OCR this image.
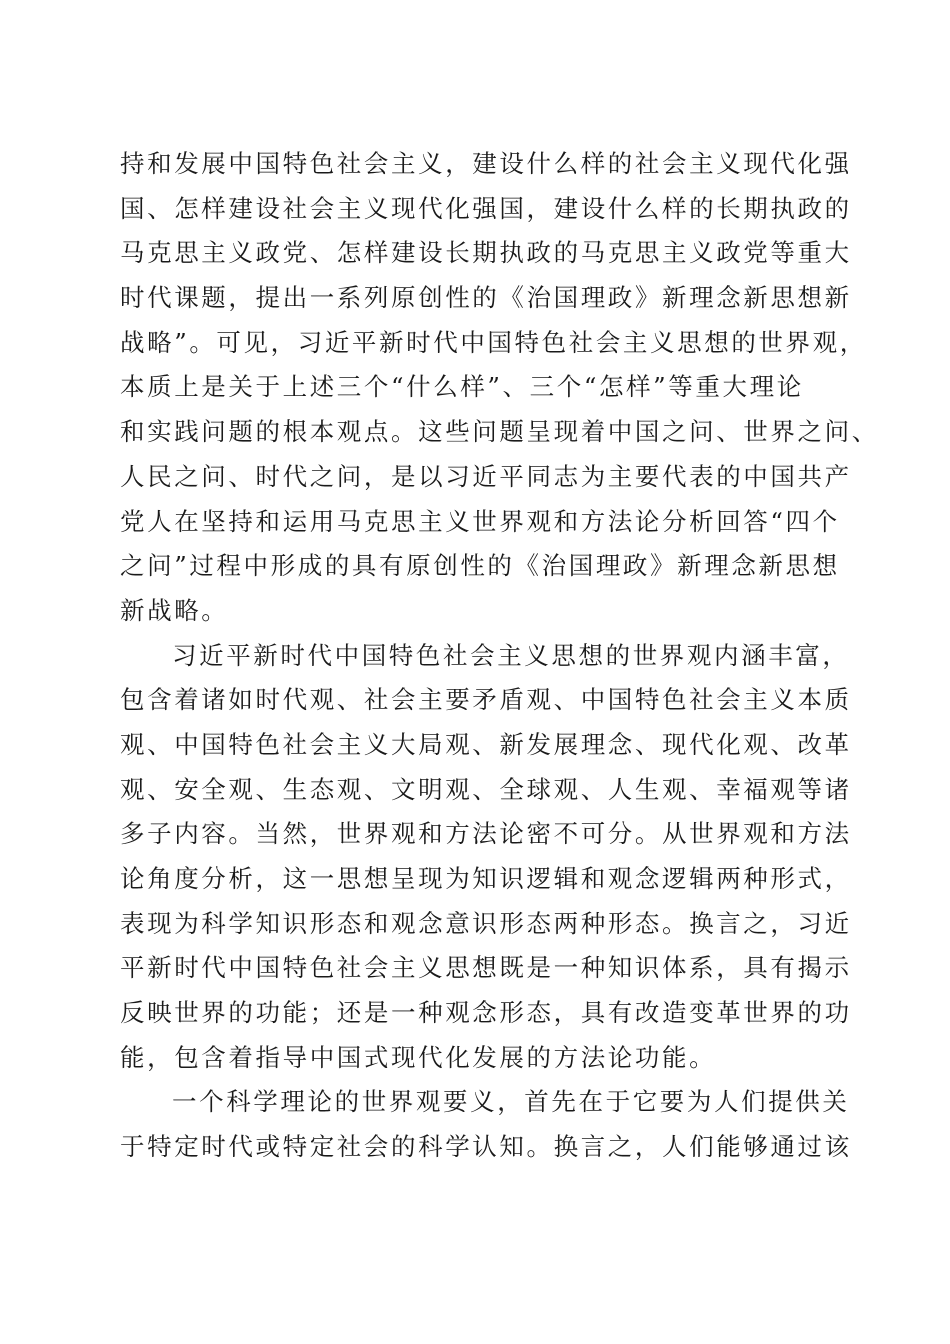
持和发展中国特色社会主义，建设什么样的社会主义现代化强
国、怎样建设社会主义现代化强国，建设什么样的长期执政的
马克思主义政党、怎样建设长期执政的马克思主义政党等重大
时代课题，提出一系列原创性的《治国理政》新理念新思想新
战略”。可见，习近平新时代中国特色社会主义思想的世界观，
本质上是关于上述三个“什么样”、三个“怎样”等重大理论
和实践问题的根本观点。这些问题呈现着中国之问、世界之问、
人民之问、时代之问，是以习近平同志为主要代表的中国共产
党人在坚持和运用马克思主义世界观和方法论分析回答“四个
之问”过程中形成的具有原创性的《治国理政》新理念新思想
新战略。
习近平新时代中国特色社会主义思想的世界观内涵丰富，
包含着诸如时代观、社会主要矛盾观、中国特色社会主义本质
观、中国特色社会主义大局观、新发展理念、现代化观、改革
观、安全观、生态观、文明观、全球观、人生观、幸福观等诸
多子内容。当然，世界观和方法论密不可分。从世界观和方法
论角度分析，这一思想呈现为知识逻辑和观念逻辑两种形式，
表现为科学知识形态和观念意识形态两种形态。换言之，习近
平新时代中国特色社会主义思想既是一种知识体系，具有揭示
反映世界的功能；还是一种观念形态，具有改造变革世界的功
能，包含着指导中国式现代化发展的方法论功能。
一个科学理论的世界观要义，首先在于它要为人们提供关
于特定时代或特定社会的科学认知。换言之，人们能够通过该
